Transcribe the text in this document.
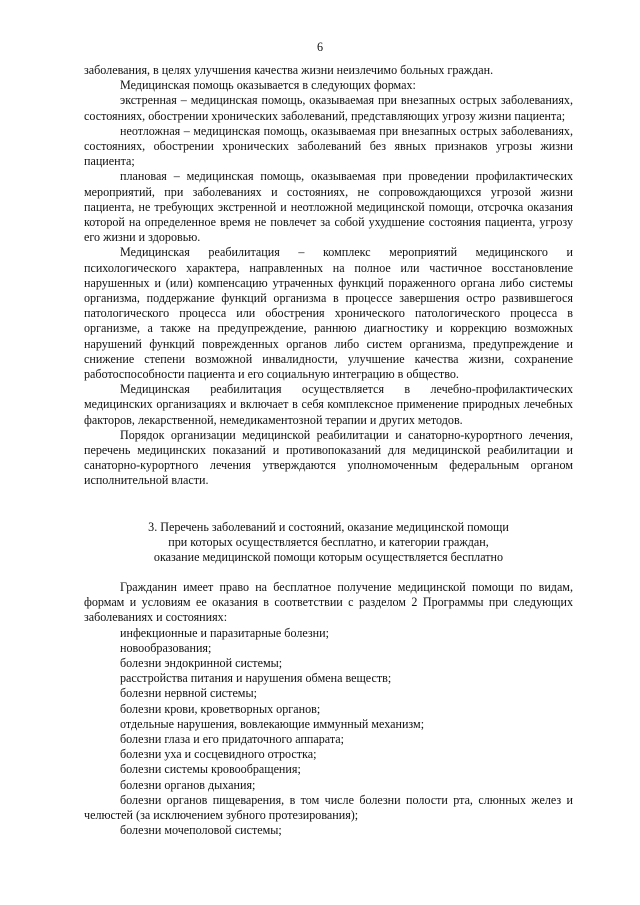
6

заболевания, в целях улучшения качества жизни неизлечимо больных граждан.

Медицинская помощь оказывается в следующих формах:

экстренная – медицинская помощь, оказываемая при внезапных острых заболеваниях, состояниях, обострении хронических заболеваний, представляющих угрозу жизни пациента;

неотложная – медицинская помощь, оказываемая при внезапных острых заболеваниях, состояниях, обострении хронических заболеваний без явных признаков угрозы жизни пациента;

плановая – медицинская помощь, оказываемая при проведении профилактических мероприятий, при заболеваниях и состояниях, не сопровождающихся угрозой жизни пациента, не требующих экстренной и неотложной медицинской помощи, отсрочка оказания которой на определенное время не повлечет за собой ухудшение состояния пациента, угрозу его жизни и здоровью.

Медицинская реабилитация – комплекс мероприятий медицинского и психологического характера, направленных на полное или частичное восстановление нарушенных и (или) компенсацию утраченных функций пораженного органа либо системы организма, поддержание функций организма в процессе завершения остро развившегося патологического процесса или обострения хронического патологического процесса в организме, а также на предупреждение, раннюю диагностику и коррекцию возможных нарушений функций поврежденных органов либо систем организма, предупреждение и снижение степени возможной инвалидности, улучшение качества жизни, сохранение работоспособности пациента и его социальную интеграцию в общество.

Медицинская реабилитация осуществляется в лечебно-профилактических медицинских организациях и включает в себя комплексное применение природных лечебных факторов, лекарственной, немедикаментозной терапии и других методов.

Порядок организации медицинской реабилитации и санаторно-курортного лечения, перечень медицинских показаний и противопоказаний для медицинской реабилитации и санаторно-курортного лечения утверждаются уполномоченным федеральным органом исполнительной власти.

3. Перечень заболеваний и состояний, оказание медицинской помощи
при которых осуществляется бесплатно, и категории граждан,
оказание медицинской помощи которым осуществляется бесплатно

Гражданин имеет право на бесплатное получение медицинской помощи по видам, формам и условиям ее оказания в соответствии с разделом 2 Программы при следующих заболеваниях и состояниях:

инфекционные и паразитарные болезни;

новообразования;

болезни эндокринной системы;

расстройства питания и нарушения обмена веществ;

болезни нервной системы;

болезни крови, кроветворных органов;

отдельные нарушения, вовлекающие иммунный механизм;

болезни глаза и его придаточного аппарата;

болезни уха и сосцевидного отростка;

болезни системы кровообращения;

болезни органов дыхания;

болезни органов пищеварения, в том числе болезни полости рта, слюнных желез и челюстей (за исключением зубного протезирования);

болезни мочеполовой системы;
